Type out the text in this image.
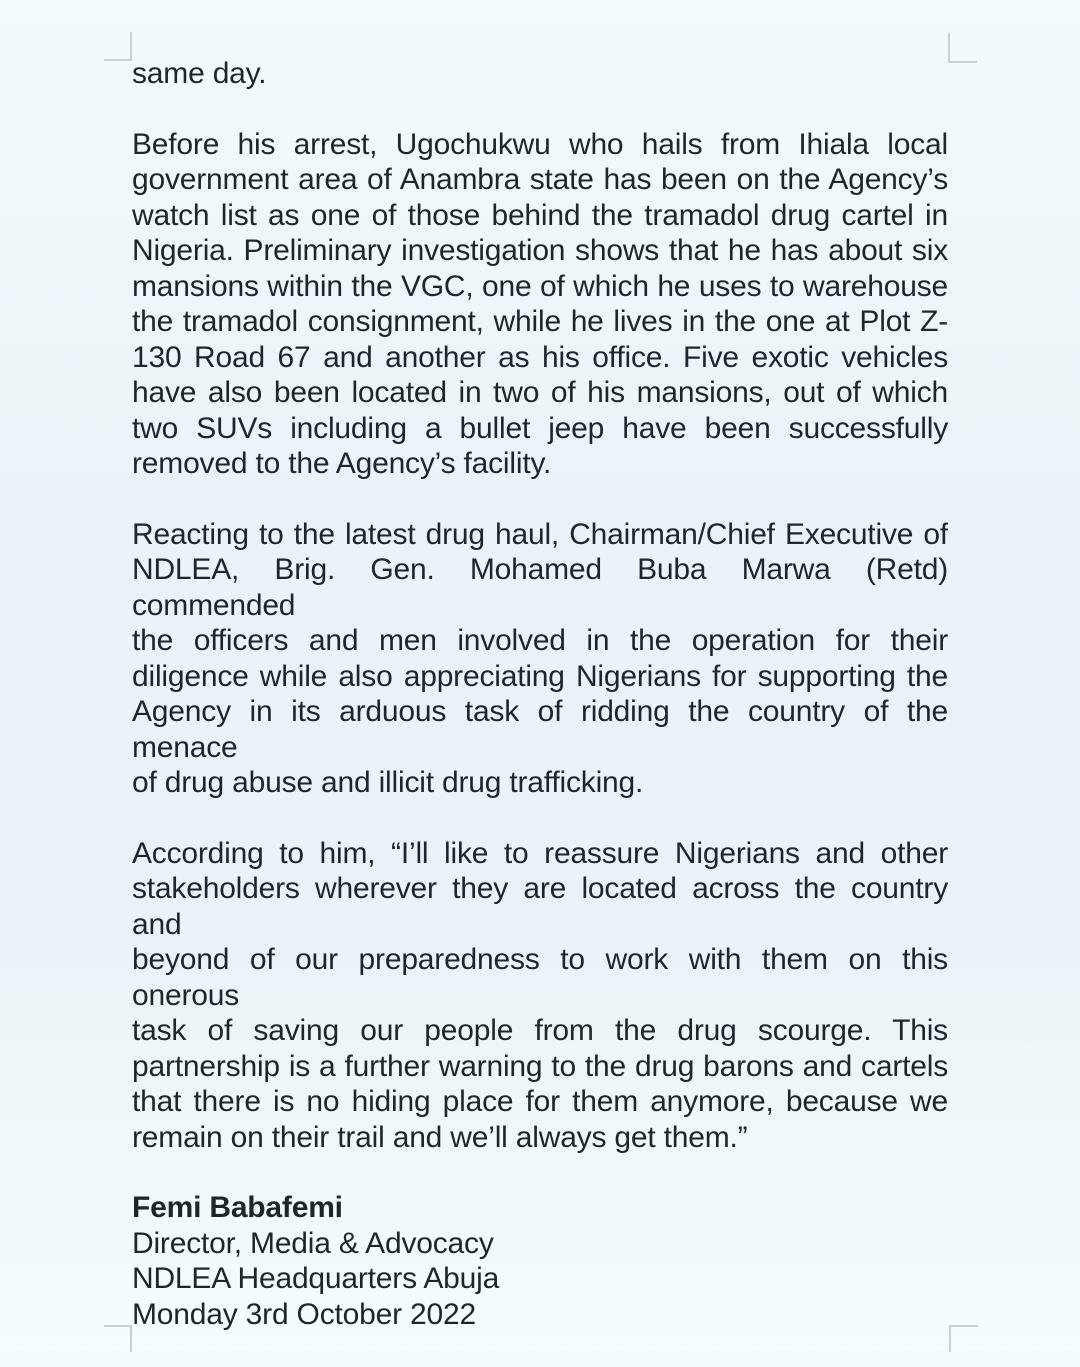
same day.
Before his arrest, Ugochukwu who hails from Ihiala local
government area of Anambra state has been on the Agency’s
watch list as one of those behind the tramadol drug cartel in
Nigeria. Preliminary investigation shows that he has about six
mansions within the VGC, one of which he uses to warehouse
the tramadol consignment, while he lives in the one at Plot Z-
130 Road 67 and another as his office. Five exotic vehicles
have also been located in two of his mansions, out of which
two SUVs including a bullet jeep have been successfully
removed to the Agency’s facility.
Reacting to the latest drug haul, Chairman/Chief Executive of
NDLEA, Brig. Gen. Mohamed Buba Marwa (Retd) commended
the officers and men involved in the operation for their
diligence while also appreciating Nigerians for supporting the
Agency in its arduous task of ridding the country of the menace
of drug abuse and illicit drug trafficking.
According to him, “I’ll like to reassure Nigerians and other
stakeholders wherever they are located across the country and
beyond of our preparedness to work with them on this onerous
task of saving our people from the drug scourge. This
partnership is a further warning to the drug barons and cartels
that there is no hiding place for them anymore, because we
remain on their trail and we’ll always get them.”
Femi Babafemi
Director, Media & Advocacy
NDLEA Headquarters Abuja
Monday 3rd October 2022
